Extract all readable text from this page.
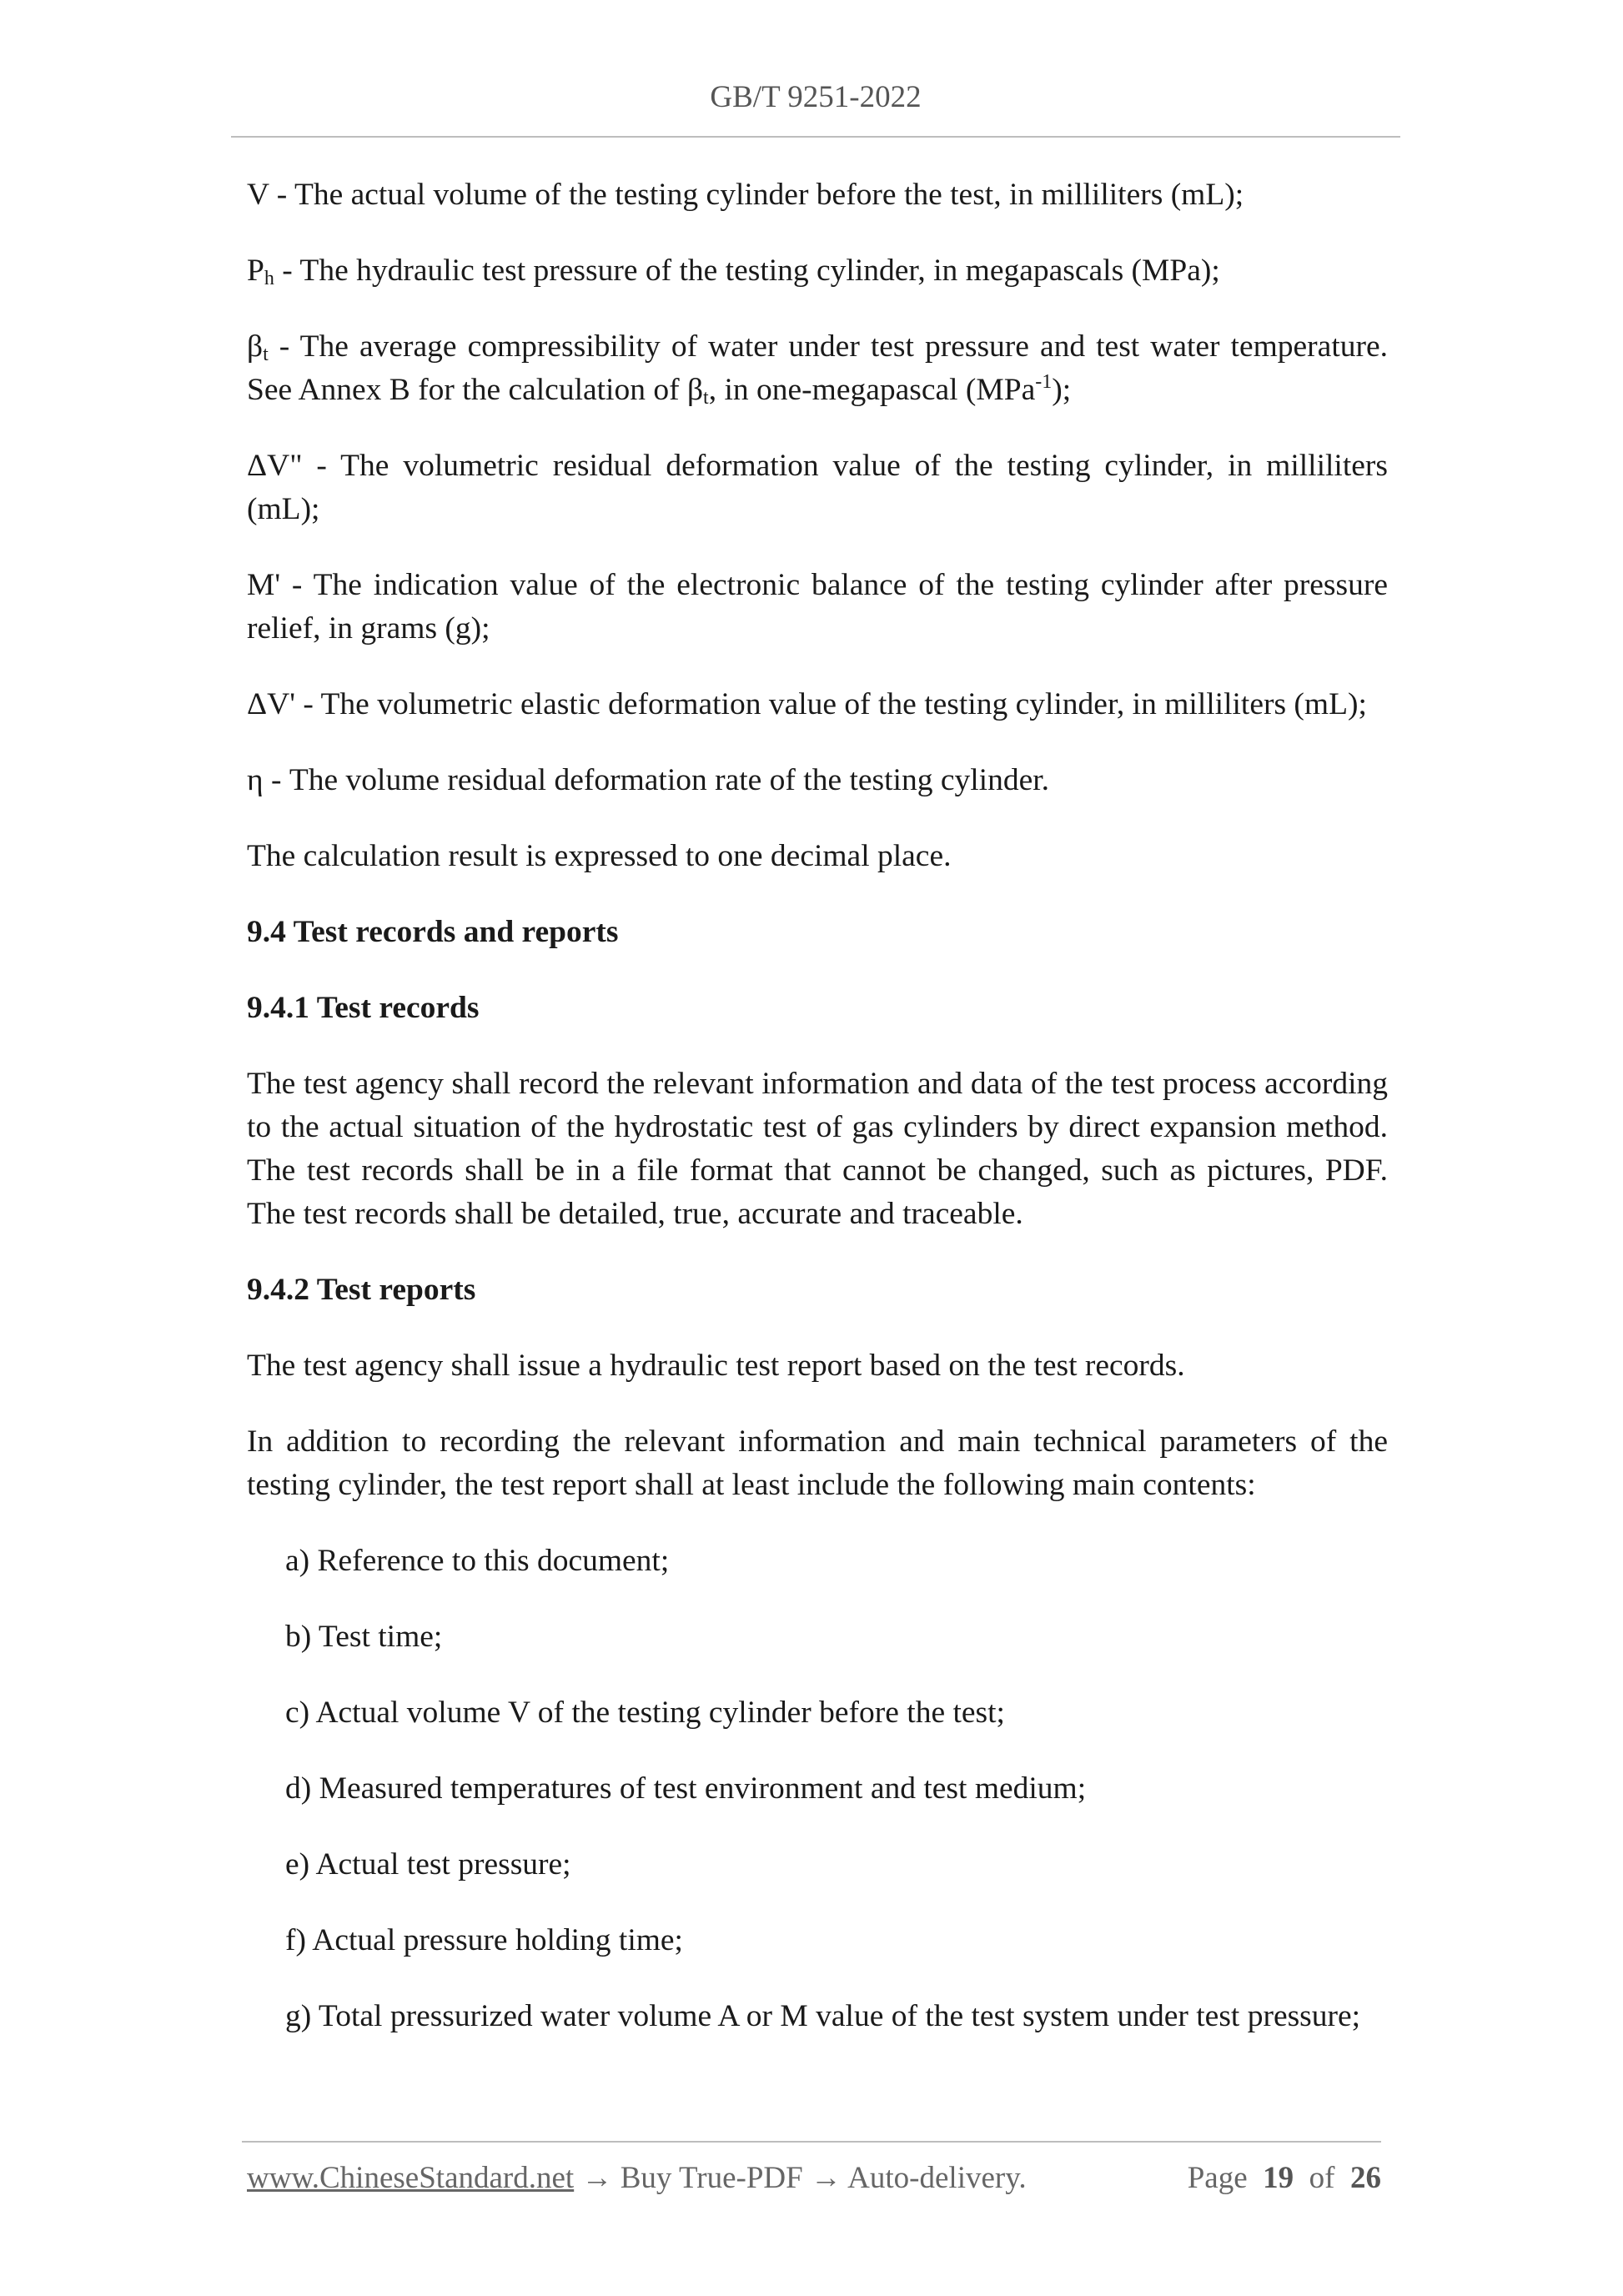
GB/T 9251-2022

V - The actual volume of the testing cylinder before the test, in milliliters (mL);

$P_h$ - The hydraulic test pressure of the testing cylinder, in megapascals (MPa);

$\beta_t$ - The average compressibility of water under test pressure and test water temperature. See Annex B for the calculation of $\beta_t$, in one-megapascal (MPa$^{-1}$);

ΔV" - The volumetric residual deformation value of the testing cylinder, in milliliters (mL);

M' - The indication value of the electronic balance of the testing cylinder after pressure relief, in grams (g);

ΔV' - The volumetric elastic deformation value of the testing cylinder, in milliliters (mL);

η - The volume residual deformation rate of the testing cylinder.

The calculation result is expressed to one decimal place.

9.4 Test records and reports
9.4.1 Test records

The test agency shall record the relevant information and data of the test process according to the actual situation of the hydrostatic test of gas cylinders by direct expansion method. The test records shall be in a file format that cannot be changed, such as pictures, PDF. The test records shall be detailed, true, accurate and traceable.

9.4.2 Test reports

The test agency shall issue a hydraulic test report based on the test records.

In addition to recording the relevant information and main technical parameters of the testing cylinder, the test report shall at least include the following main contents:

a) Reference to this document;
b) Test time;
c) Actual volume V of the testing cylinder before the test;
d) Measured temperatures of test environment and test medium;
e) Actual test pressure;
f) Actual pressure holding time;
g) Total pressurized water volume A or M value of the test system under test pressure;
www.ChineseStandard.net → Buy True-PDF → Auto-delivery.	Page 19 of 26
